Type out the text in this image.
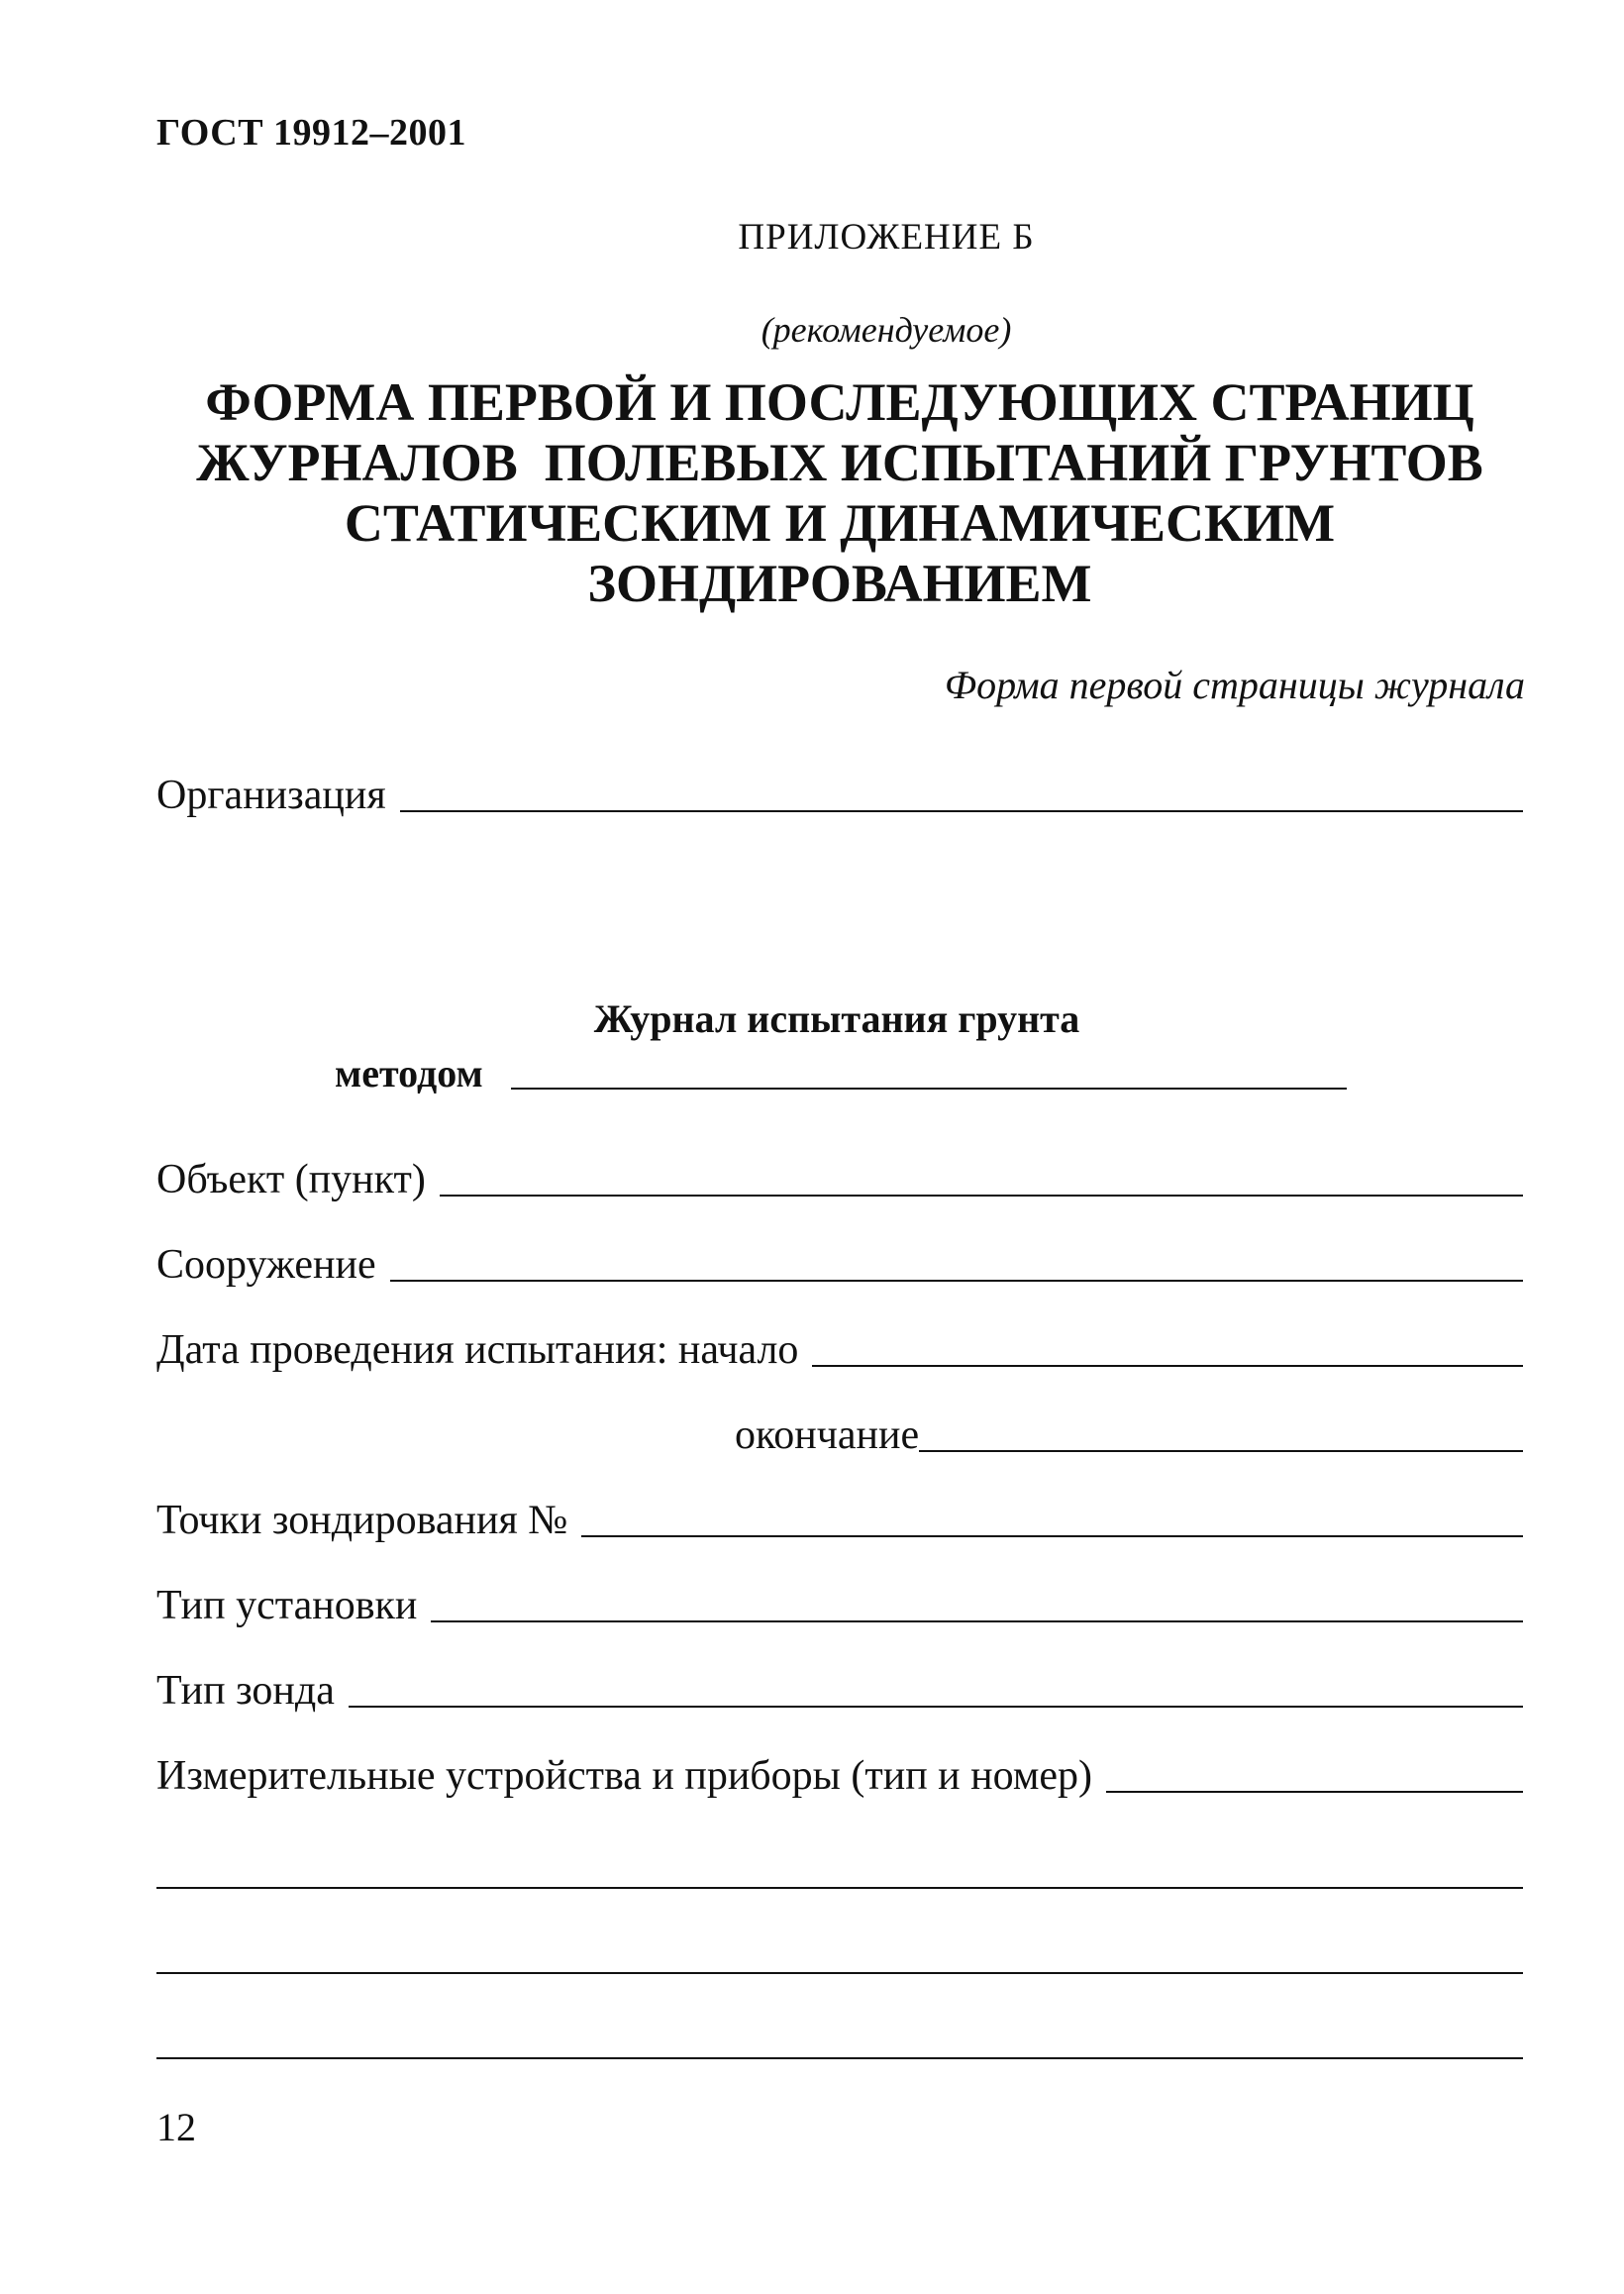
ГОСТ 19912–2001
ПРИЛОЖЕНИЕ Б
(рекомендуемое)
ФОРМА ПЕРВОЙ И ПОСЛЕДУЮЩИХ СТРАНИЦ
ЖУРНАЛОВ  ПОЛЕВЫХ ИСПЫТАНИЙ ГРУНТОВ
СТАТИЧЕСКИМ И ДИНАМИЧЕСКИМ
ЗОНДИРОВАНИЕМ
Форма первой страницы журнала
Организация
Журнал испытания грунта
методом
Объект (пункт)
Сооружение
Дата проведения испытания: начало
окончание
Точки зондирования №
Тип установки
Тип зонда
Измерительные устройства и приборы (тип и номер)
12
